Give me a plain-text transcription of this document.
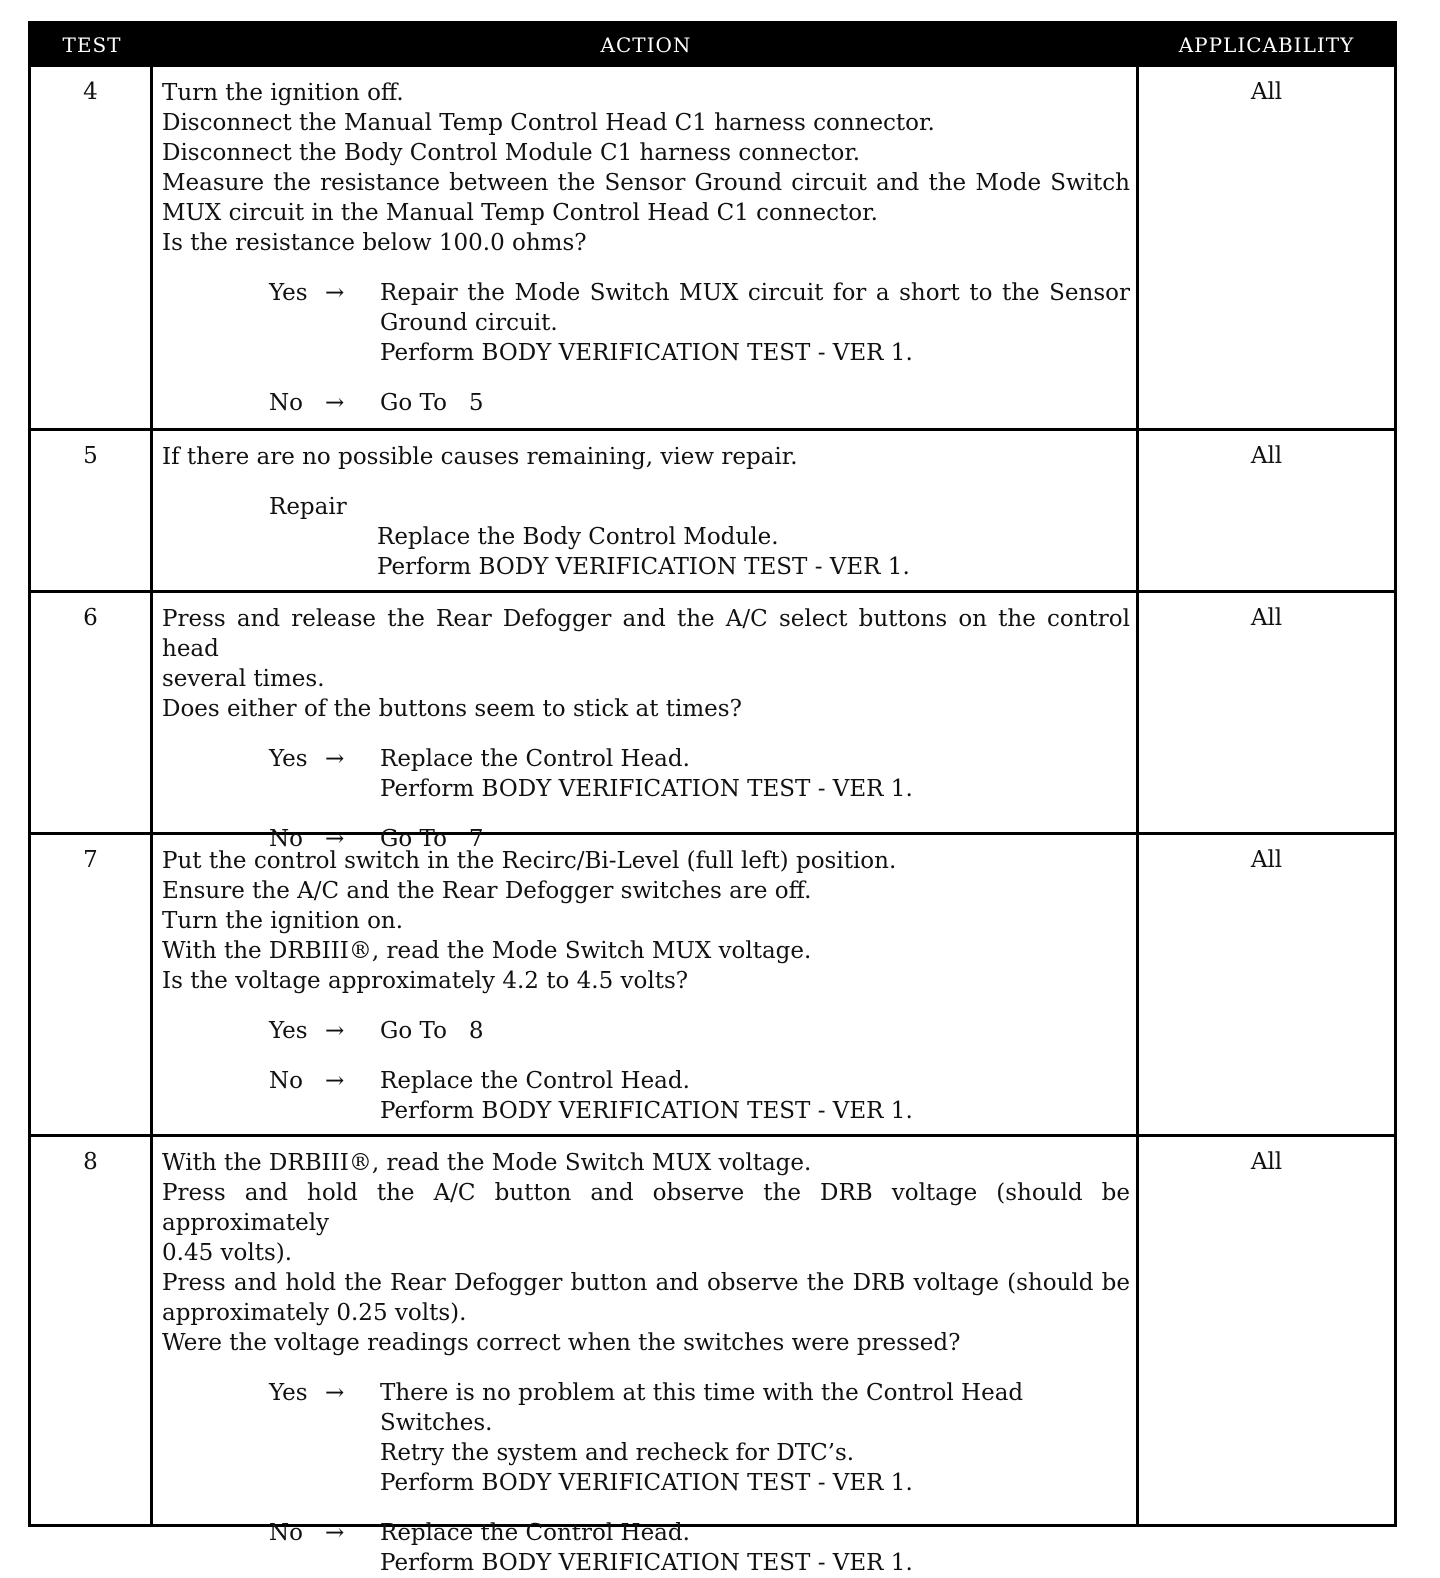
TEST	ACTION	APPLICABILITY
4	Turn the ignition off.
Disconnect the Manual Temp Control Head C1 harness connector.
Disconnect the Body Control Module C1 harness connector.
Measure the resistance between the Sensor Ground circuit and the Mode Switch
MUX circuit in the Manual Temp Control Head C1 connector.
Is the resistance below 100.0 ohms?
Yes →	Repair the Mode Switch MUX circuit for a short to the Sensor
Ground circuit.
Perform BODY VERIFICATION TEST - VER 1.
No →	Go To   5
All
5	If there are no possible causes remaining, view repair.
Repair
Replace the Body Control Module.
Perform BODY VERIFICATION TEST - VER 1.
All
6	Press and release the Rear Defogger and the A/C select buttons on the control head
several times.
Does either of the buttons seem to stick at times?
Yes →	Replace the Control Head.
Perform BODY VERIFICATION TEST - VER 1.
No →	Go To   7
All
7	Put the control switch in the Recirc/Bi-Level (full left) position.
Ensure the A/C and the Rear Defogger switches are off.
Turn the ignition on.
With the DRBIII®, read the Mode Switch MUX voltage.
Is the voltage approximately 4.2 to 4.5 volts?
Yes →	Go To   8
No →	Replace the Control Head.
Perform BODY VERIFICATION TEST - VER 1.
All
8	With the DRBIII®, read the Mode Switch MUX voltage.
Press and hold the A/C button and observe the DRB voltage (should be approximately
0.45 volts).
Press and hold the Rear Defogger button and observe the DRB voltage (should be
approximately 0.25 volts).
Were the voltage readings correct when the switches were pressed?
Yes →	There is no problem at this time with the Control Head Switches.
Retry the system and recheck for DTC’s.
Perform BODY VERIFICATION TEST - VER 1.
No →	Replace the Control Head.
Perform BODY VERIFICATION TEST - VER 1.
All
